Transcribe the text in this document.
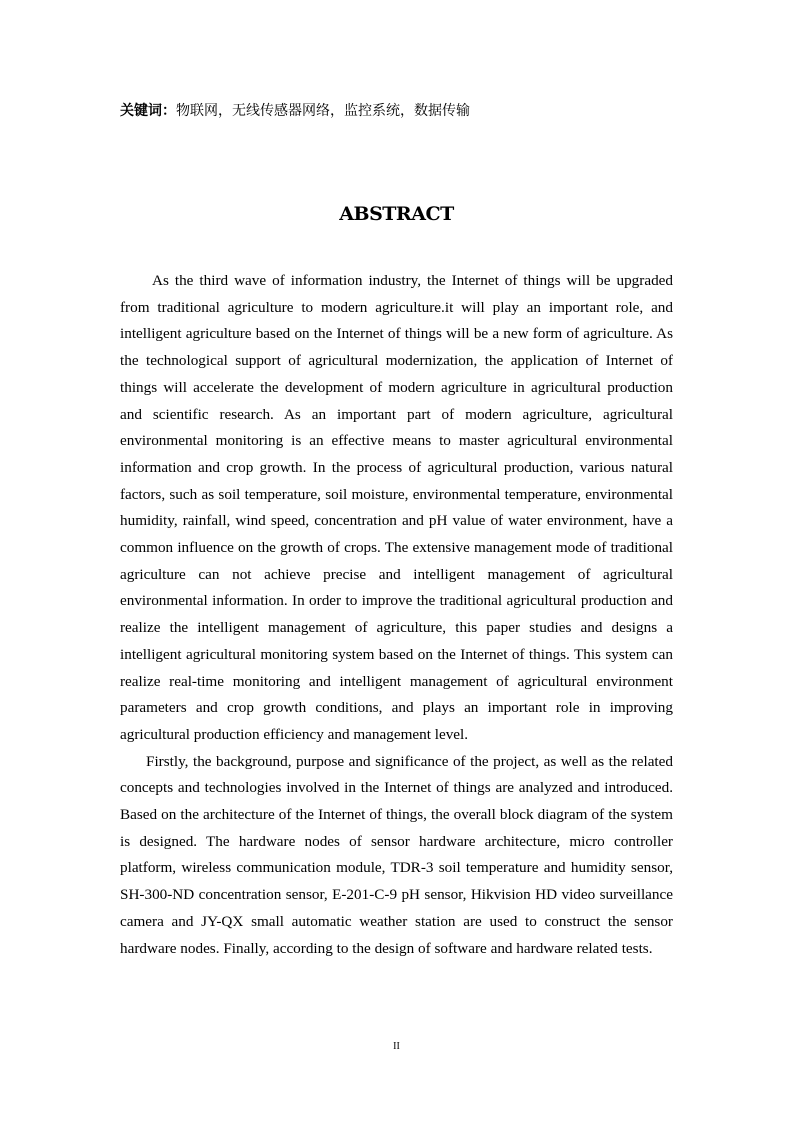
关键词：物联网，无线传感器网络，监控系统，数据传输
ABSTRACT

As the third wave of information industry, the Internet of things will be upgraded from traditional agriculture to modern agriculture.it will play an important role, and intelligent agriculture based on the Internet of things will be a new form of agriculture. As the technological support of agricultural modernization, the application of Internet of things will accelerate the development of modern agriculture in agricultural production and scientific research. As an important part of modern agriculture, agricultural environmental monitoring is an effective means to master agricultural environmental information and crop growth. In the process of agricultural production, various natural factors, such as soil temperature, soil moisture, environmental temperature, environmental humidity, rainfall, wind speed, concentration and pH value of water environment, have a common influence on the growth of crops. The extensive management mode of traditional agriculture can not achieve precise and intelligent management of agricultural environmental information. In order to improve the traditional agricultural production and realize the intelligent management of agriculture, this paper studies and designs a intelligent agricultural monitoring system based on the Internet of things. This system can realize real-time monitoring and intelligent management of agricultural environment parameters and crop growth conditions, and plays an important role in improving agricultural production efficiency and management level.

Firstly, the background, purpose and significance of the project, as well as the related concepts and technologies involved in the Internet of things are analyzed and introduced. Based on the architecture of the Internet of things, the overall block diagram of the system is designed. The hardware nodes of sensor hardware architecture, micro controller platform, wireless communication module, TDR-3 soil temperature and humidity sensor, SH-300-ND concentration sensor, E-201-C-9 pH sensor, Hikvision HD video surveillance camera and JY-QX small automatic weather station are used to construct the sensor hardware nodes. Finally, according to the design of software and hardware related tests.

II
